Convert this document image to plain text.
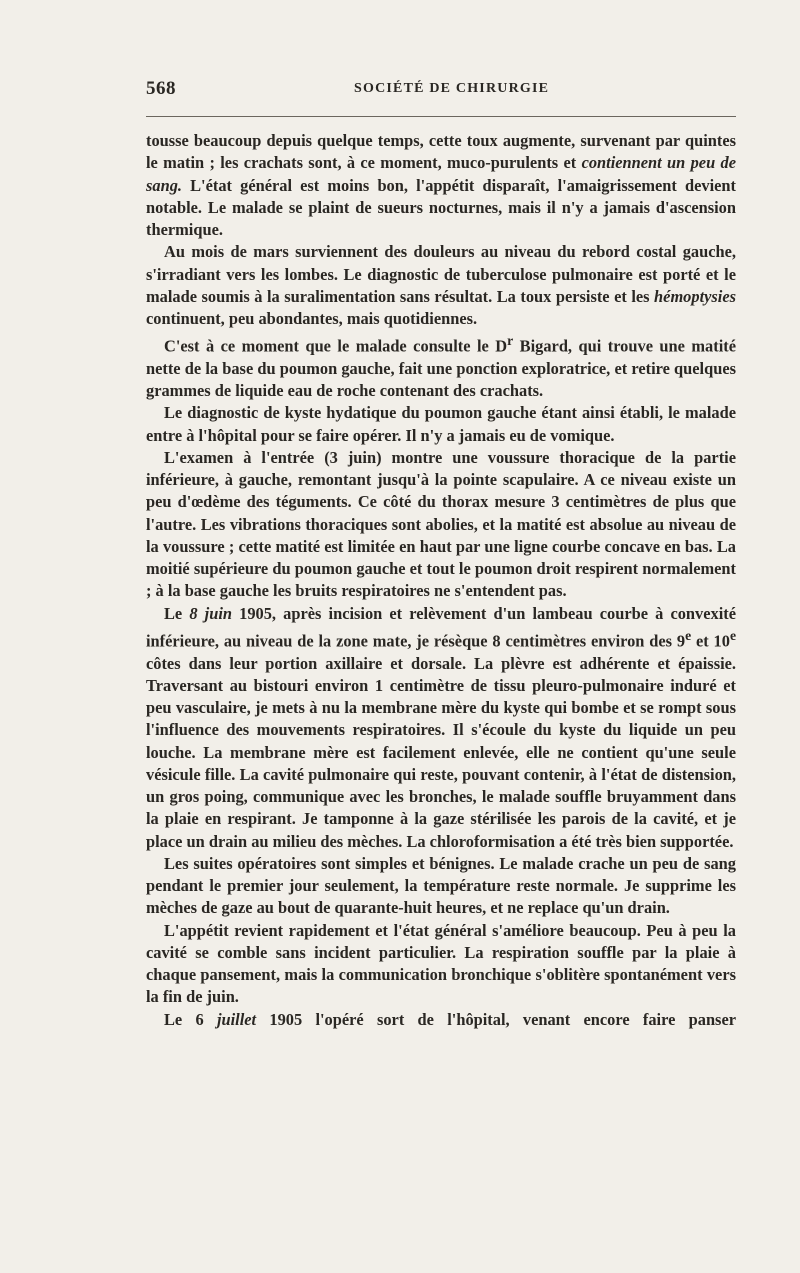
568	SOCIÉTÉ DE CHIRURGIE

tousse beaucoup depuis quelque temps, cette toux augmente, survenant par quintes le matin ; les crachats sont, à ce moment, muco-purulents et contiennent un peu de sang. L'état général est moins bon, l'appétit disparaît, l'amaigrissement devient notable. Le malade se plaint de sueurs nocturnes, mais il n'y a jamais d'ascension thermique.

Au mois de mars surviennent des douleurs au niveau du rebord costal gauche, s'irradiant vers les lombes. Le diagnostic de tuberculose pulmonaire est porté et le malade soumis à la suralimentation sans résultat. La toux persiste et les hémoptysies continuent, peu abondantes, mais quotidiennes.

C'est à ce moment que le malade consulte le $D^r$ Bigard, qui trouve une matité nette de la base du poumon gauche, fait une ponction exploratrice, et retire quelques grammes de liquide eau de roche contenant des crachats.

Le diagnostic de kyste hydatique du poumon gauche étant ainsi établi, le malade entre à l'hôpital pour se faire opérer. Il n'y a jamais eu de vomique.

L'examen à l'entrée (3 juin) montre une voussure thoracique de la partie inférieure, à gauche, remontant jusqu'à la pointe scapulaire. A ce niveau existe un peu d'œdème des téguments. Ce côté du thorax mesure 3 centimètres de plus que l'autre. Les vibrations thoraciques sont abolies, et la matité est absolue au niveau de la voussure ; cette matité est limitée en haut par une ligne courbe concave en bas. La moitié supérieure du poumon gauche et tout le poumon droit respirent normalement ; à la base gauche les bruits respiratoires ne s'entendent pas.

Le 8 juin 1905, après incision et relèvement d'un lambeau courbe à convexité inférieure, au niveau de la zone mate, je résèque 8 centimètres environ des 9e et 10e côtes dans leur portion axillaire et dorsale. La plèvre est adhérente et épaissie. Traversant au bistouri environ 1 centimètre de tissu pleuro-pulmonaire induré et peu vasculaire, je mets à nu la membrane mère du kyste qui bombe et se rompt sous l'influence des mouvements respiratoires. Il s'écoule du kyste du liquide un peu louche. La membrane mère est facilement enlevée, elle ne contient qu'une seule vésicule fille. La cavité pulmonaire qui reste, pouvant contenir, à l'état de distension, un gros poing, communique avec les bronches, le malade souffle bruyamment dans la plaie en respirant. Je tamponne à la gaze stérilisée les parois de la cavité, et je place un drain au milieu des mèches. La chloroformisation a été très bien supportée.

Les suites opératoires sont simples et bénignes. Le malade crache un peu de sang pendant le premier jour seulement, la température reste normale. Je supprime les mèches de gaze au bout de quarante-huit heures, et ne replace qu'un drain.

L'appétit revient rapidement et l'état général s'améliore beaucoup. Peu à peu la cavité se comble sans incident particulier. La respiration souffle par la plaie à chaque pansement, mais la communication bronchique s'oblitère spontanément vers la fin de juin.

Le 6 juillet 1905 l'opéré sort de l'hôpital, venant encore faire panser
